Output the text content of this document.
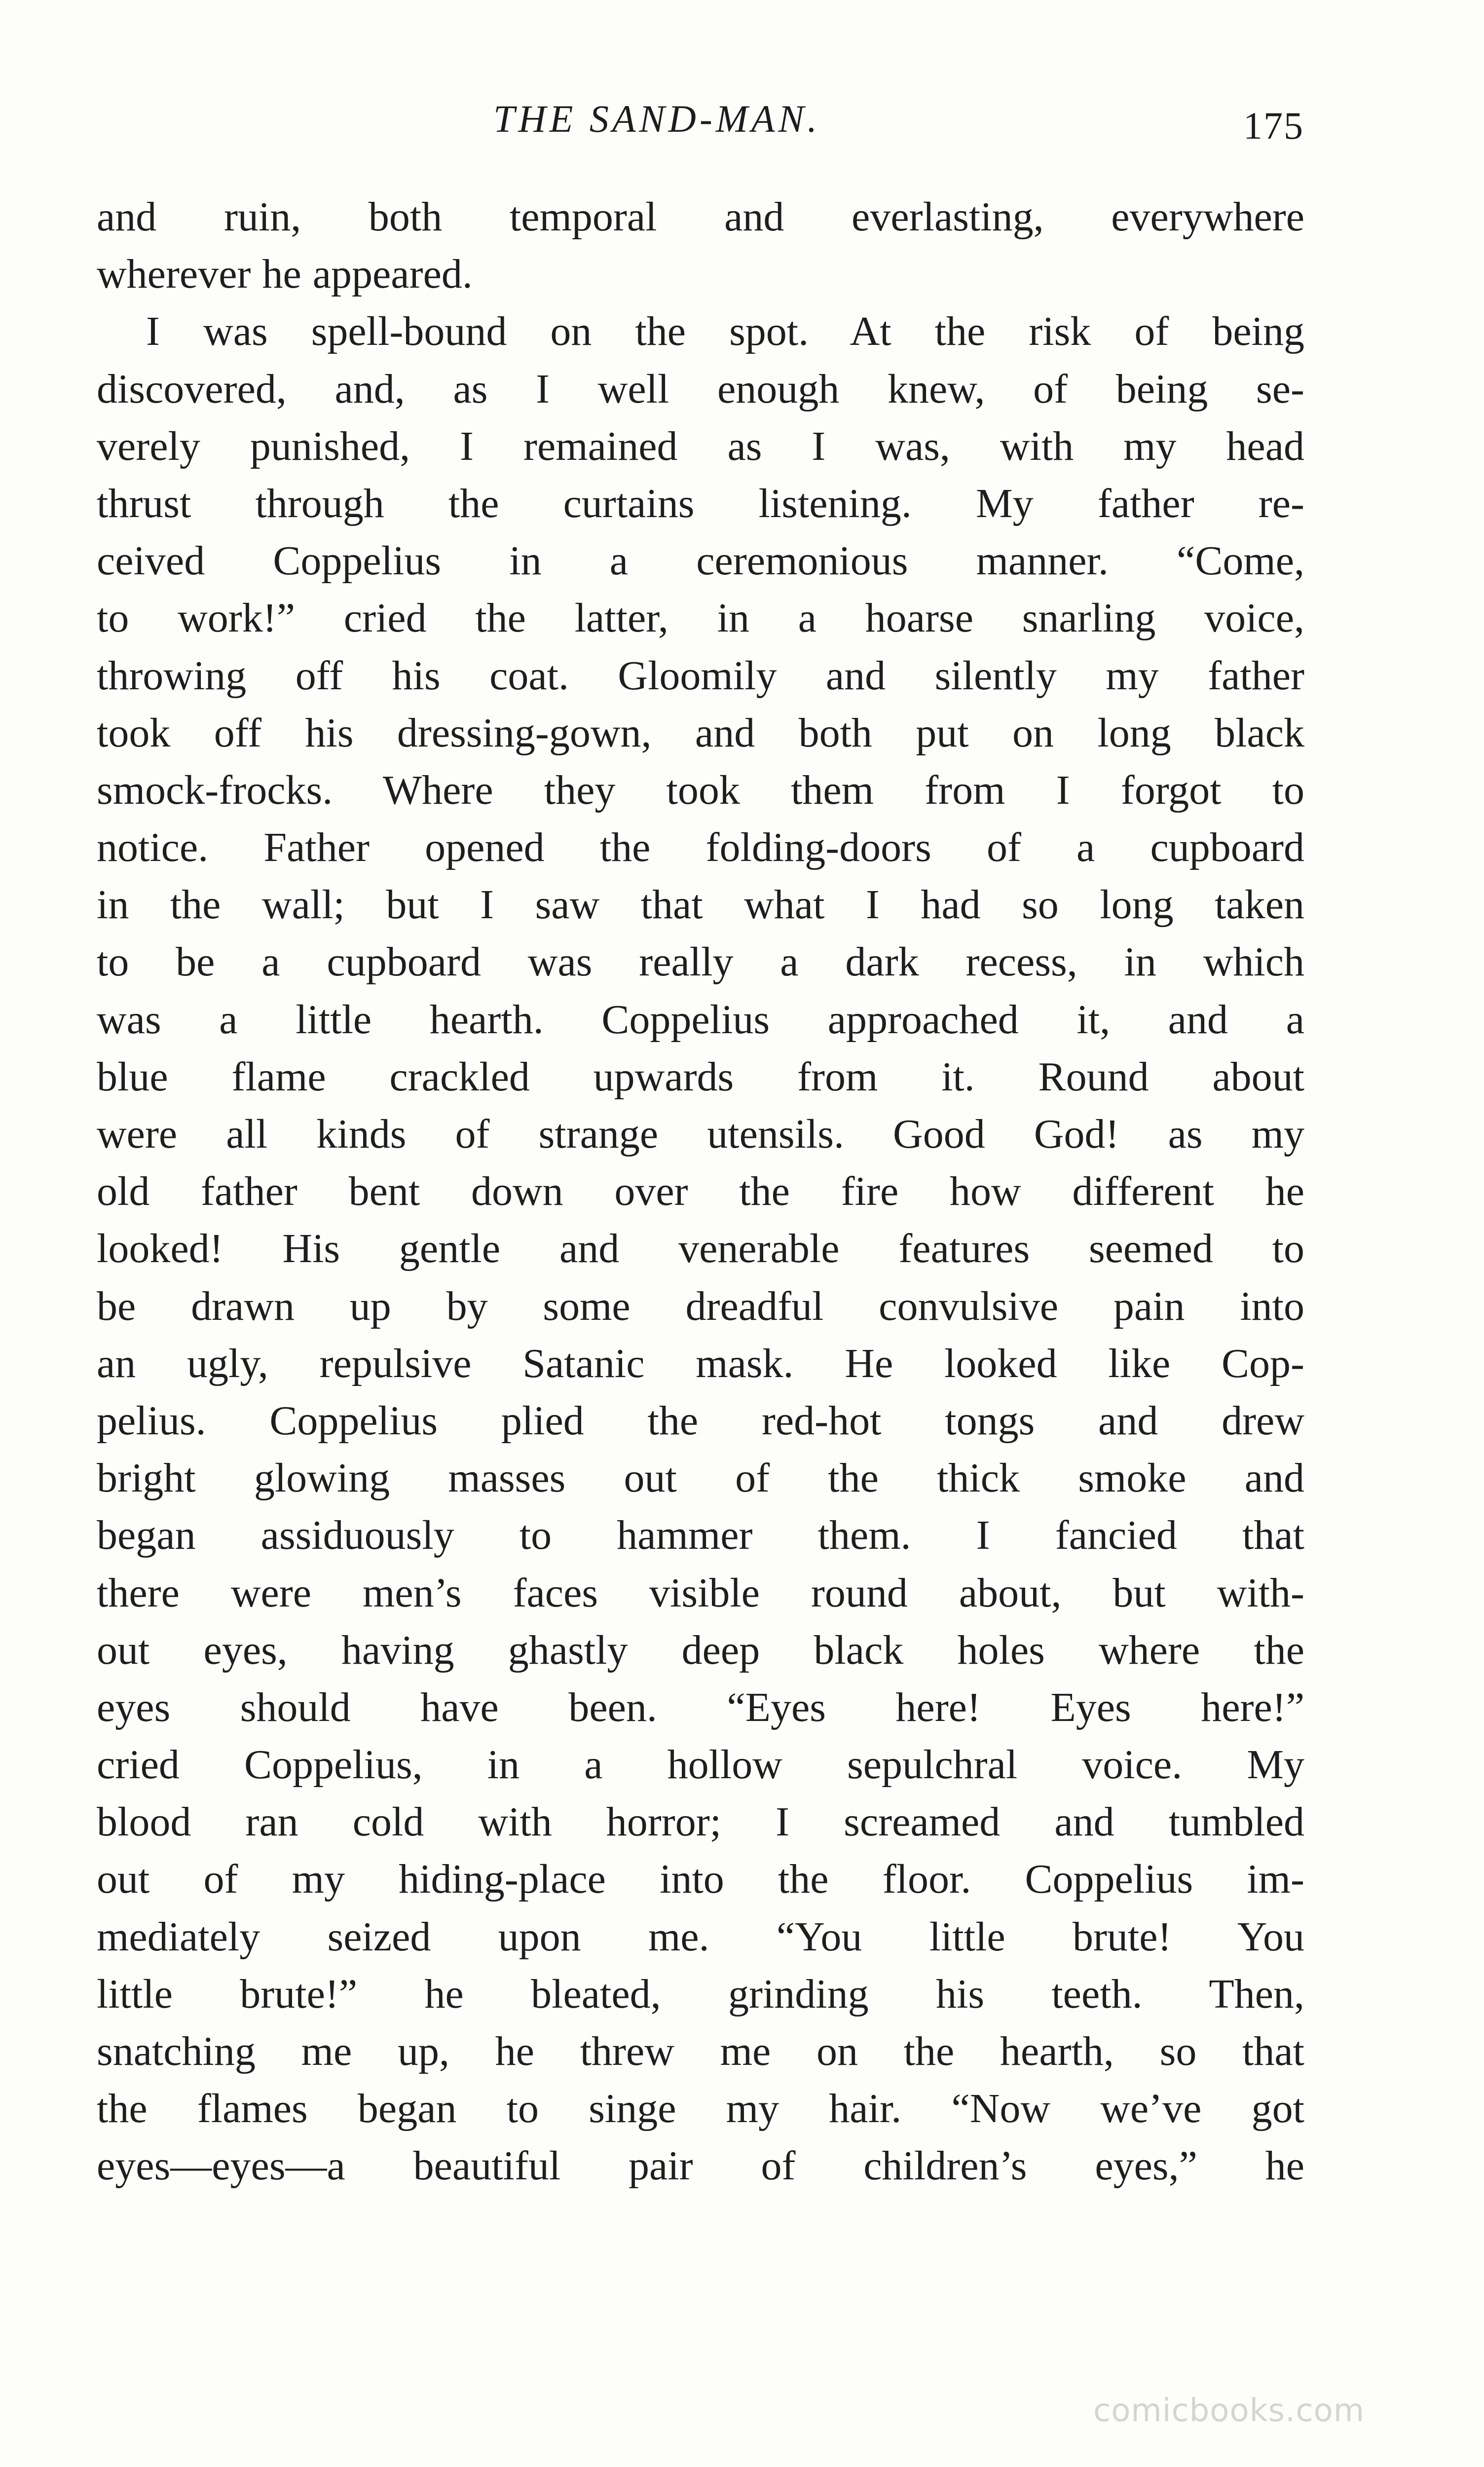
THE SAND-MAN.	175
and ruin, both temporal and everlasting, everywhere
wherever he appeared.
I was spell-bound on the spot. At the risk of being
discovered, and, as I well enough knew, of being se-
verely punished, I remained as I was, with my head
thrust through the curtains listening. My father re-
ceived Coppelius in a ceremonious manner. “Come,
to work!” cried the latter, in a hoarse snarling voice,
throwing off his coat. Gloomily and silently my father
took off his dressing-gown, and both put on long black
smock-frocks. Where they took them from I forgot to
notice. Father opened the folding-doors of a cupboard
in the wall; but I saw that what I had so long taken
to be a cupboard was really a dark recess, in which
was a little hearth. Coppelius approached it, and a
blue flame crackled upwards from it. Round about
were all kinds of strange utensils. Good God! as my
old father bent down over the fire how different he
looked! His gentle and venerable features seemed to
be drawn up by some dreadful convulsive pain into
an ugly, repulsive Satanic mask. He looked like Cop-
pelius. Coppelius plied the red-hot tongs and drew
bright glowing masses out of the thick smoke and
began assiduously to hammer them. I fancied that
there were men’s faces visible round about, but with-
out eyes, having ghastly deep black holes where the
eyes should have been. “Eyes here! Eyes here!”
cried Coppelius, in a hollow sepulchral voice. My
blood ran cold with horror; I screamed and tumbled
out of my hiding-place into the floor. Coppelius im-
mediately seized upon me. “You little brute! You
little brute!” he bleated, grinding his teeth. Then,
snatching me up, he threw me on the hearth, so that
the flames began to singe my hair. “Now we’ve got
eyes—eyes—a beautiful pair of children’s eyes,” he
comicbooks.com
